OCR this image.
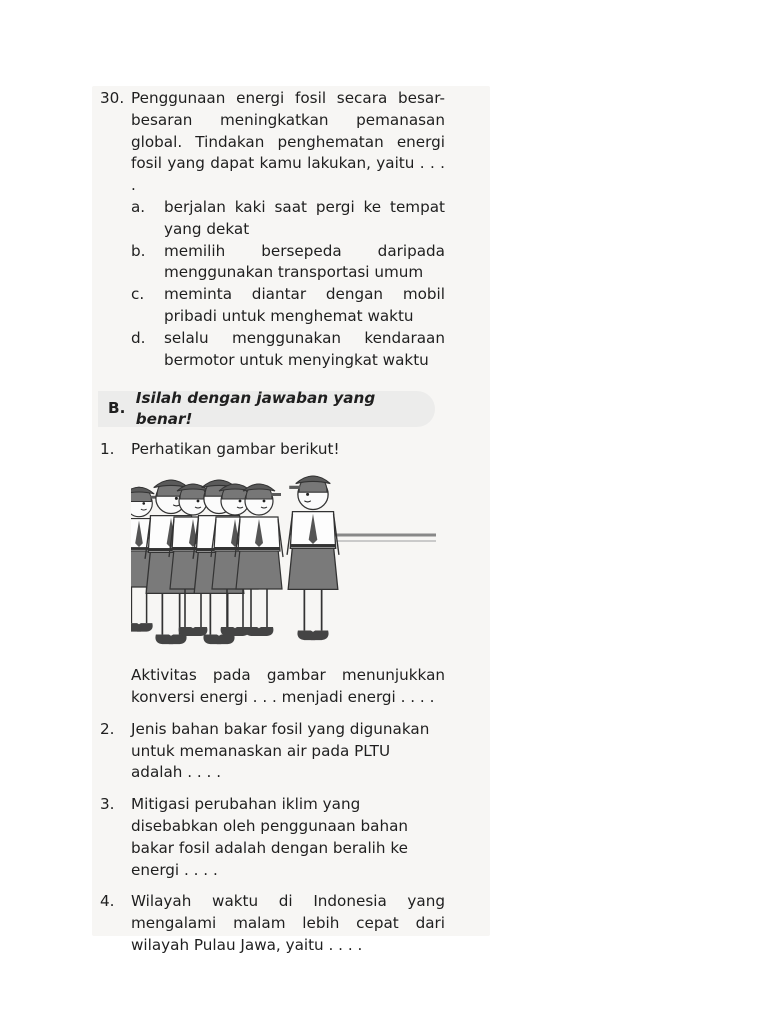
30. Penggunaan energi fosil secara besar-besaran meningkatkan pemanasan global. Tindakan penghematan energi fosil yang dapat kamu lakukan, yaitu . . . .
a.	berjalan kaki saat pergi ke tempat yang dekat
b.	memilih bersepeda daripada menggunakan transportasi umum
c.	meminta diantar dengan mobil pribadi untuk menghemat waktu
d.	selalu menggunakan kendaraan bermotor untuk menyingkat waktu
B.
Isilah dengan jawaban yang benar!
1.	Perhatikan gambar berikut!
Aktivitas pada gambar menunjukkan konversi energi . . . menjadi energi . . . .
2.	Jenis bahan bakar fosil yang digunakan untuk memanaskan air pada PLTU adalah . . . .
3.	Mitigasi perubahan iklim yang disebabkan oleh penggunaan bahan bakar fosil adalah dengan beralih ke energi . . . .
4.	Wilayah waktu di Indonesia yang mengalami malam lebih cepat dari wilayah Pulau Jawa, yaitu . . . .
